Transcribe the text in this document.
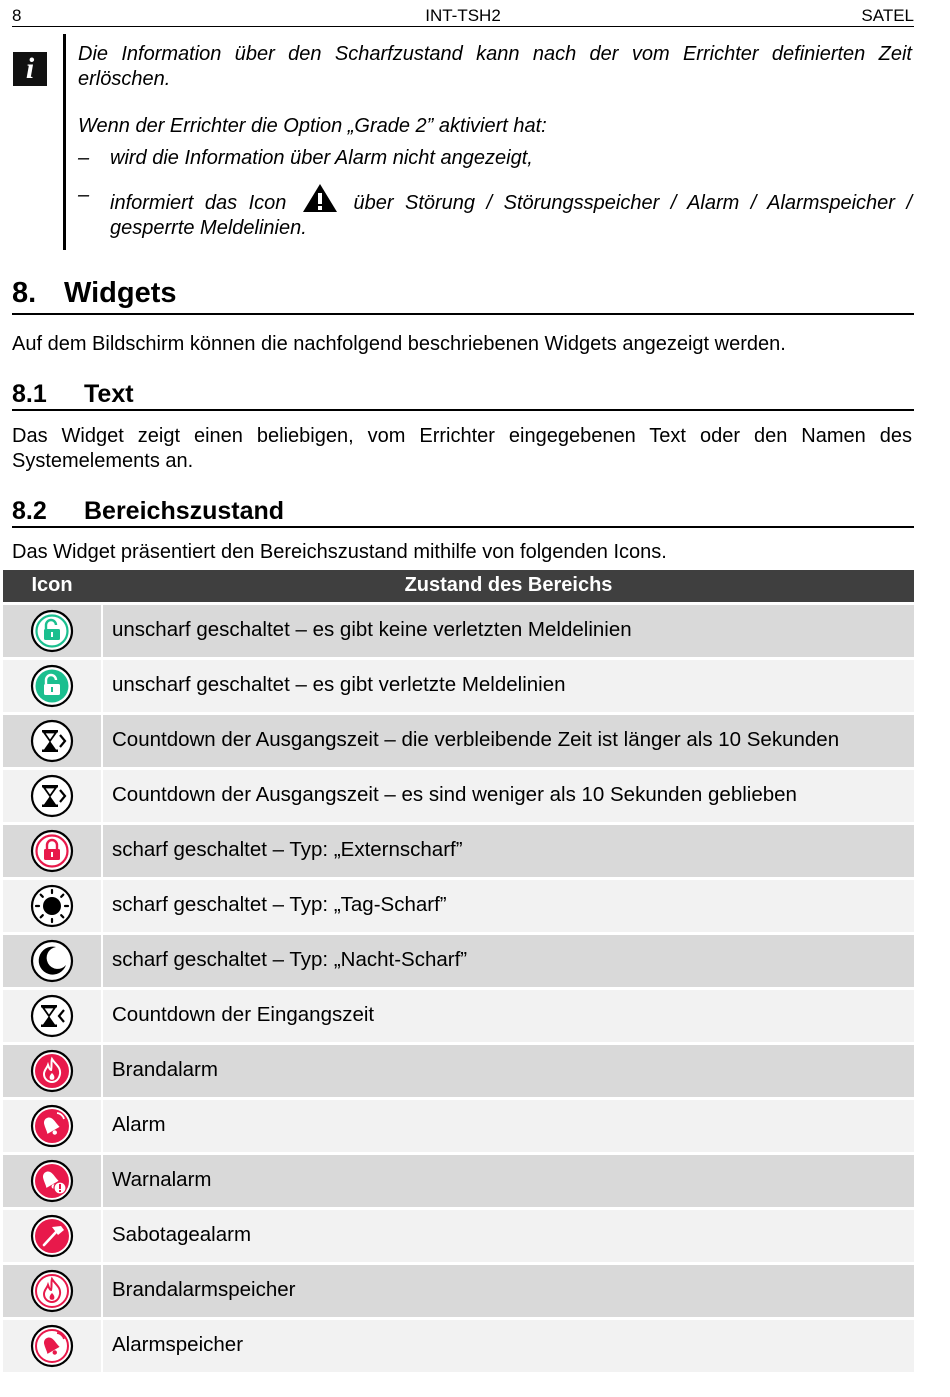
8	INT-TSH2	SATEL
i	Die Information über den Scharfzustand kann nach der vom Errichter definierten Zeit erlöschen.

Wenn der Errichter die Option „Grade 2” aktiviert hat:

– wird die Information über Alarm nicht angezeigt,

– informiert das Icon	über Störung / Störungsspeicher / Alarm / Alarmspeicher / gesperrte Meldelinien.

8. Widgets
Auf dem Bildschirm können die nachfolgend beschriebenen Widgets angezeigt werden.
8.1 Text
Das Widget zeigt einen beliebigen, vom Errichter eingegebenen Text oder den Namen des Systemelements an.
8.2 Bereichszustand
Das Widget präsentiert den Bereichszustand mithilfe von folgenden Icons.
Icon	Zustand des Bereichs
unscharf geschaltet – es gibt keine verletzten Meldelinien
unscharf geschaltet – es gibt verletzte Meldelinien
Countdown der Ausgangszeit – die verbleibende Zeit ist länger als 10 Sekunden
Countdown der Ausgangszeit – es sind weniger als 10 Sekunden geblieben
scharf geschaltet – Typ: „Externscharf”
scharf geschaltet – Typ: „Tag-Scharf”
scharf geschaltet – Typ: „Nacht-Scharf”
Countdown der Eingangszeit
Brandalarm
Alarm
Warnalarm
Sabotagealarm
Brandalarmspeicher
Alarmspeicher
